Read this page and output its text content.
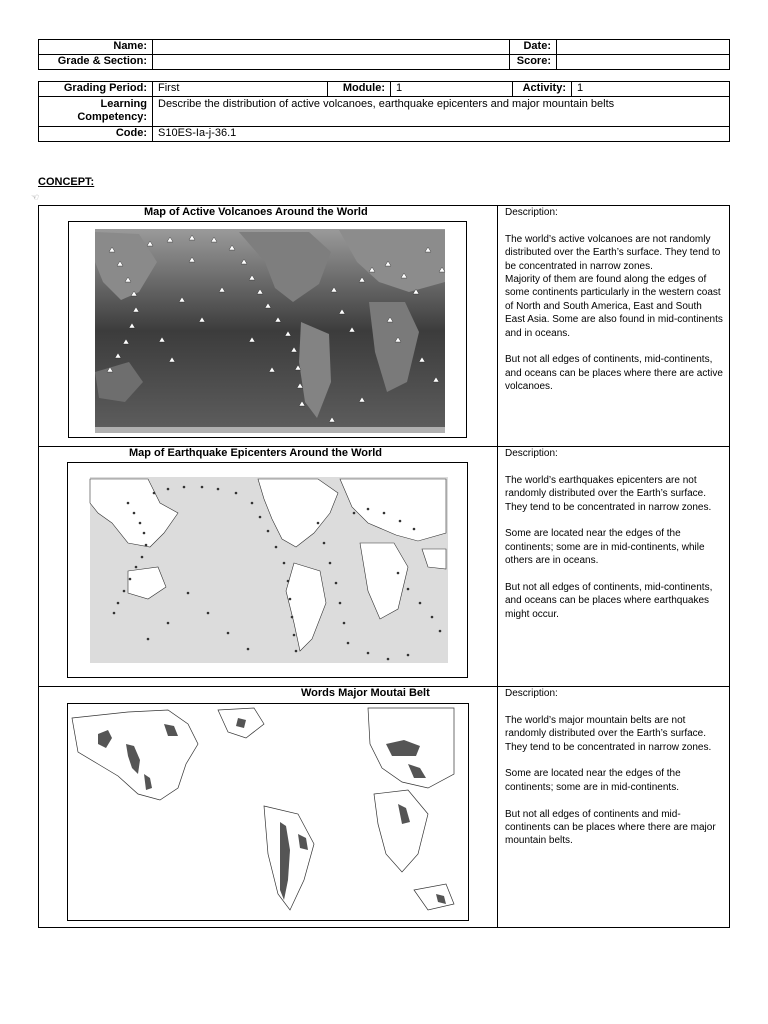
Name:		Date:	
Grade & Section:		Score:	
Grading Period:	First	Module:	1	Activity:	1
Learning Competency:	Describe the distribution of active volcanoes, earthquake epicenters and major mountain belts				
Code:	S10ES-Ia-j-36.1				
CONCEPT:
☜
Map of Active Volcanoes Around the World	Description:

The world’s active volcanoes are not randomly distributed over the Earth’s surface. They tend to be concentrated in narrow zones.

Majority of them are found along the edges of some continents particularly in the western coast of North and South America, East and South East Asia. Some are also found in mid-continents and in oceans.

But not all edges of continents, mid-continents, and oceans can be places where there are active volcanoes.

Map of Earthquake Epicenters Around the World	Description:

The world’s earthquakes epicenters are not randomly distributed over the Earth’s surface. They tend to be concentrated in narrow zones.

Some are located near the edges of the continents; some are in mid-continents, while others are in oceans.

But not all edges of continents, mid-continents, and oceans can be places where earthquakes might occur.

Words Major Moutai Belt	Description:

The world’s major mountain belts are not randomly distributed over the Earth’s surface. They tend to be concentrated in narrow zones.

Some are located near the edges of the continents; some are in mid-continents.

But not all edges of continents and mid-continents can be places where there are major mountain belts.
